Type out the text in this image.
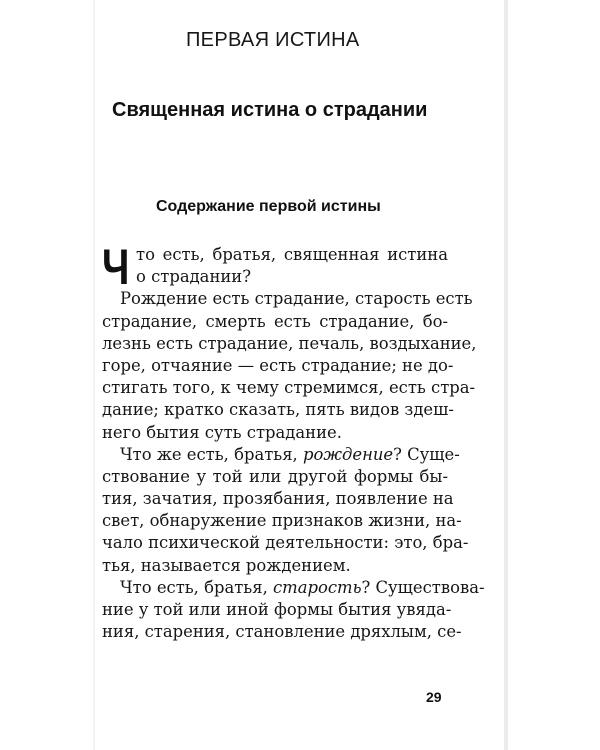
ПЕРВАЯ ИСТИНА
Священная истина о страдании
Содержание первой истины
Ч то есть, братья, священная истина
о страдании?
Рождение есть страдание, старость есть
страдание, смерть есть страдание, бо-
лезнь есть страдание, печаль, воздыхание,
горе, отчаяние — есть страдание; не до-
стигать того, к чему стремимся, есть стра-
дание; кратко сказать, пять видов здеш-
него бытия суть страдание.
Что же есть, братья, рождение? Суще-
ствование у той или другой формы бы-
тия, зачатия, прозябания, появление на
свет, обнаружение признаков жизни, на-
чало психической деятельности: это, бра-
тья, называется рождением.
Что есть, братья, старость? Существова-
ние у той или иной формы бытия увяда-
ния, старения, становление дряхлым, се-
29
